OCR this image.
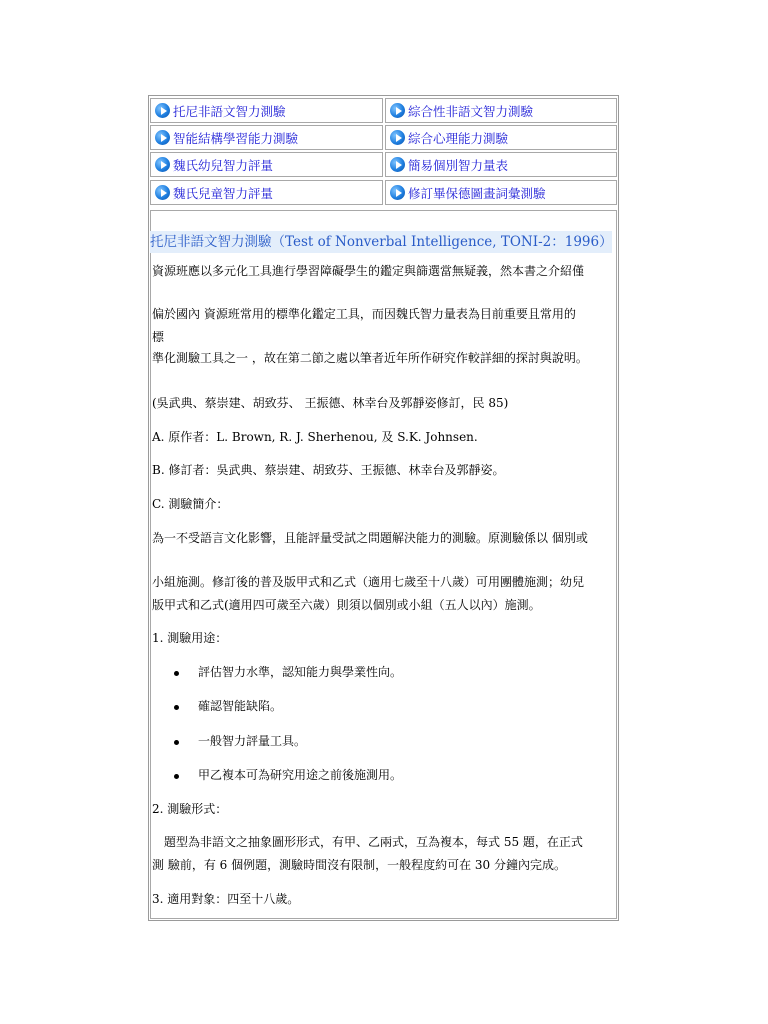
托尼非語文智力測驗	綜合性非語文智力測驗
智能結構學習能力測驗	綜合心理能力測驗
魏氏幼兒智力評量	簡易個別智力量表
魏氏兒童智力評量	修訂畢保德圖畫詞彙測驗
托尼非語文智力測驗（Test of Nonverbal Intelligence, TONI-2：1996）
資源班應以多元化工具進行學習障礙學生的鑑定與篩選當無疑義，然本書之介紹僅
偏於國內 資源班常用的標準化鑑定工具，而因魏氏智力量表為目前重要且常用的
標
準化測驗工具之一 ，故在第二節之處以筆者近年所作研究作較詳細的探討與說明。
(吳武典、蔡崇建、胡致芬、 王振德、林幸台及郭靜姿修訂，民 85)
A. 原作者：L. Brown, R. J. Sherhenou, 及 S.K. Johnsen.
B. 修訂者：吳武典、蔡崇建、胡致芬、王振德、林幸台及郭靜姿。
C. 測驗簡介：
為一不受語言文化影響，且能評量受試之問題解決能力的測驗。原測驗係以 個別或
小組施測。修訂後的普及版甲式和乙式（適用七歲至十八歲）可用團體施測；幼兒
版甲式和乙式(適用四可歲至六歲）則須以個別或小組（五人以內）施測。
1. 測驗用途：
評估智力水準，認知能力與學業性向。
確認智能缺陷。
一般智力評量工具。
甲乙複本可為研究用途之前後施測用。
2. 測驗形式：
題型為非語文之抽象圖形形式，有甲、乙兩式，互為複本，每式 55 題，在正式
測 驗前，有 6 個例題，測驗時間沒有限制，一般程度約可在 30 分鐘內完成。
3. 適用對象：四至十八歲。
